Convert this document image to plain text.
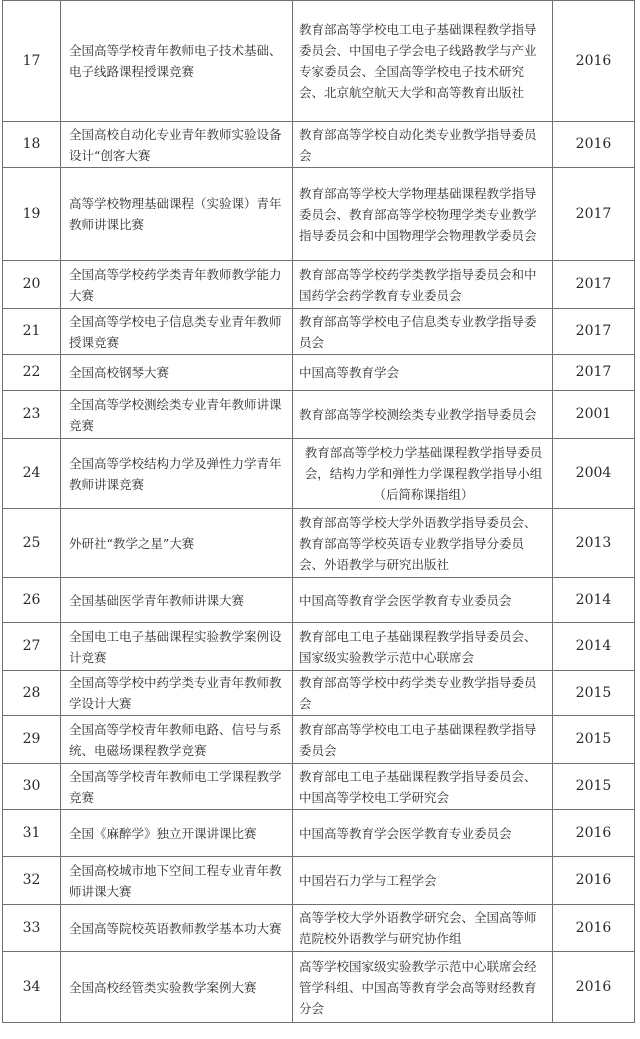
17	全国高等学校青年教师电子技术基础、电子线路课程授课竞赛	教育部高等学校电工电子基础课程教学指导委员会、中国电子学会电子线路教学与产业专家委员会、全国高等学校电子技术研究会、北京航空航天大学和高等教育出版社	2016
18	全国高校自动化专业青年教师实验设备设计“创客大赛	教育部高等学校自动化类专业教学指导委员会	2016
19	高等学校物理基础课程（实验课）青年教师讲课比赛	教育部高等学校大学物理基础课程教学指导委员会、教育部高等学校物理学类专业教学指导委员会和中国物理学会物理教学委员会	2017
20	全国高等学校药学类青年教师教学能力大赛	教育部高等学校药学类教学指导委员会和中国药学会药学教育专业委员会	2017
21	全国高等学校电子信息类专业青年教师授课竞赛	教育部高等学校电子信息类专业教学指导委员会	2017
22	全国高校钢琴大赛	中国高等教育学会	2017
23	全国高等学校测绘类专业青年教师讲课竞赛	教育部高等学校测绘类专业教学指导委员会	2001
24	全国高等学校结构力学及弹性力学青年教师讲课竞赛	教育部高等学校力学基础课程教学指导委员会，结构力学和弹性力学课程教学指导小组（后简称课指组）	2004
25	外研社“教学之星”大赛	教育部高等学校大学外语教学指导委员会、教育部高等学校英语专业教学指导分委员会、外语教学与研究出版社	2013
26	全国基础医学青年教师讲课大赛	中国高等教育学会医学教育专业委员会	2014
27	全国电工电子基础课程实验教学案例设计竞赛	教育部电工电子基础课程教学指导委员会、国家级实验教学示范中心联席会	2014
28	全国高等学校中药学类专业青年教师教学设计大赛	教育部高等学校中药学类专业教学指导委员会	2015
29	全国高等学校青年教师电路、信号与系统、电磁场课程教学竞赛	教育部高等学校电工电子基础课程教学指导委员会	2015
30	全国高等学校青年教师电工学课程教学竞赛	教育部电工电子基础课程教学指导委员会、中国高等学校电工学研究会	2015
31	全国《麻醉学》独立开课讲课比赛	中国高等教育学会医学教育专业委员会	2016
32	全国高校城市地下空间工程专业青年教师讲课大赛	中国岩石力学与工程学会	2016
33	全国高等院校英语教师教学基本功大赛	高等学校大学外语教学研究会、全国高等师范院校外语教学与研究协作组	2016
34	全国高校经管类实验教学案例大赛	高等学校国家级实验教学示范中心联席会经管学科组、中国高等教育学会高等财经教育分会	2016
